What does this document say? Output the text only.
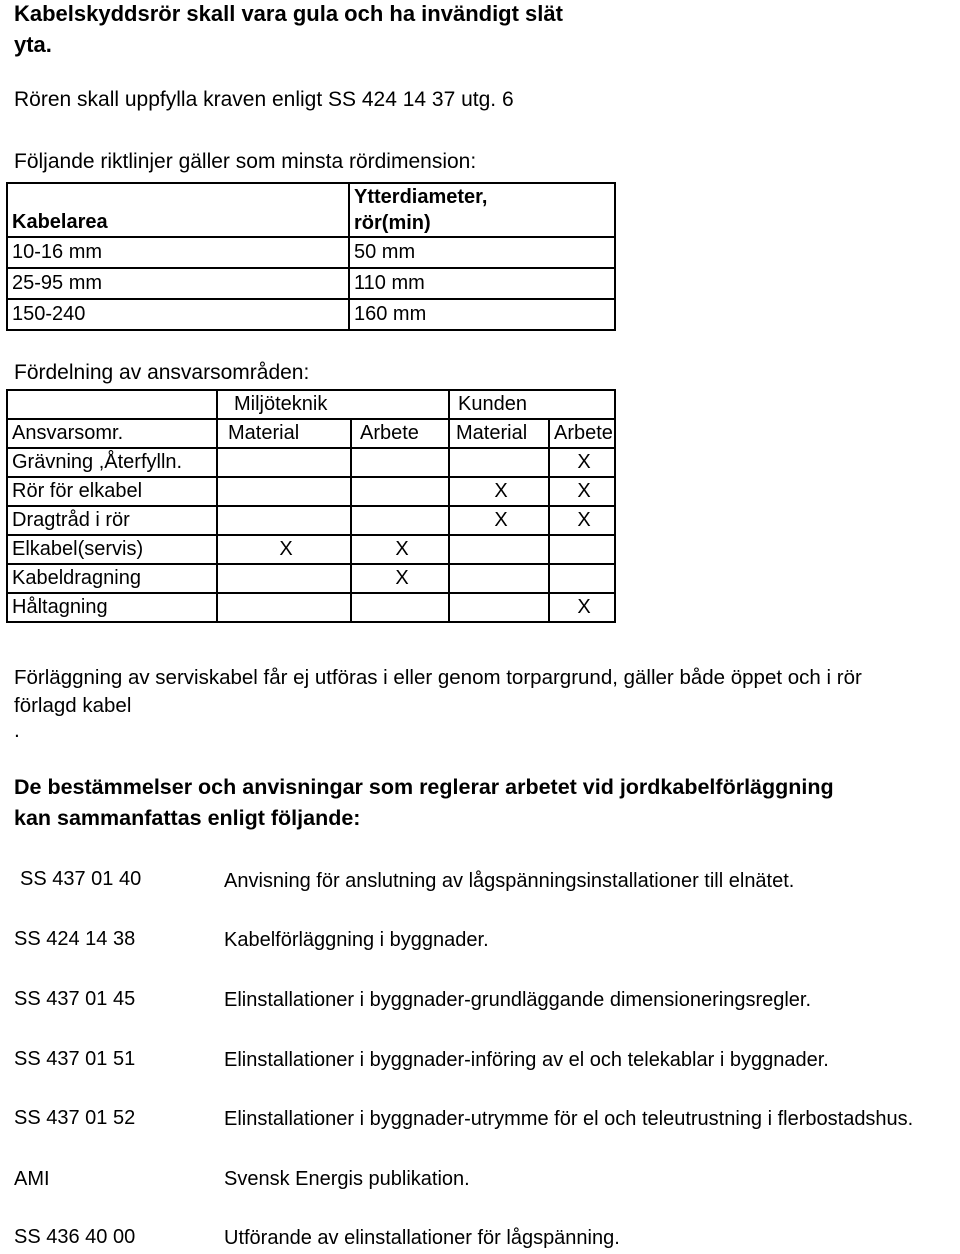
Kabelskyddsrör skall vara gula och ha invändigt slät
yta.
Rören skall uppfylla kraven enligt SS 424 14 37 utg. 6
Följande riktlinjer gäller som minsta rördimension:
Kabelarea	Ytterdiameter,
rör(min)

10-16 mm	50 mm
25-95 mm	110 mm
150-240	160 mm
Fördelning av ansvarsområden:
	Miljöteknik		Kunden	
Ansvarsomr.	Material	Arbete	Material	Arbete
Grävning ,Återfylln.				X
Rör för elkabel			X	X
Dragtråd i rör			X	X
Elkabel(servis)	X	X		
Kabeldragning		X		
Håltagning				X
Förläggning av serviskabel får ej utföras i eller genom torpargrund, gäller både öppet och i rör
förlagd kabel
.
De bestämmelser och anvisningar som reglerar arbetet vid jordkabelförläggning
kan sammanfattas enligt följande:
SS 437 01 40	Anvisning för anslutning av lågspänningsinstallationer till elnätet.
SS 424 14 38	Kabelförläggning i byggnader.
SS 437 01 45	Elinstallationer i byggnader-grundläggande dimensioneringsregler.
SS 437 01 51	Elinstallationer i byggnader-införing av el och telekablar i byggnader.
SS 437 01 52	Elinstallationer i byggnader-utrymme för el och teleutrustning i flerbostadshus.
AMI	Svensk Energis publikation.
SS 436 40 00	Utförande av elinstallationer för lågspänning.
